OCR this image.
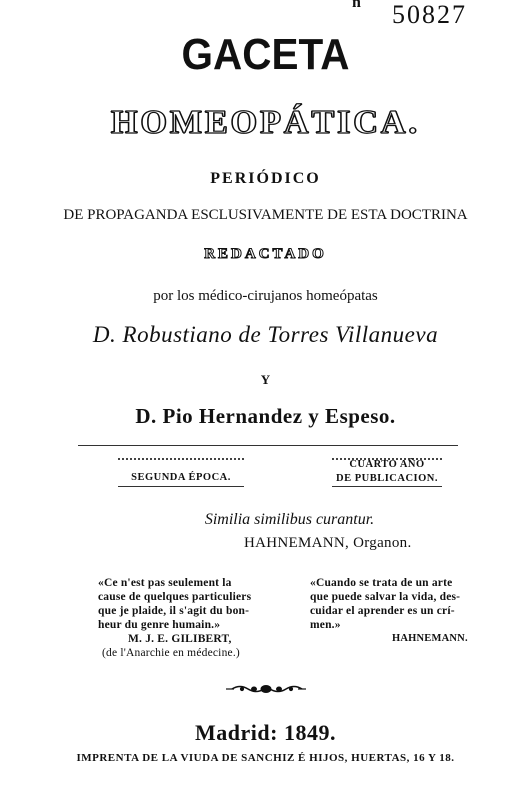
n 50827
GACETA
HOMEOPÁTICA.
PERIÓDICO
DE PROPAGANDA ESCLUSIVAMENTE DE ESTA DOCTRINA
REDACTADO
por los médico-cirujanos homeópatas
D. Robustiano de Torres Villanueva
Y
D. Pio Hernandez y Espeso.
SEGUNDA ÉPOCA.
CUARTO AÑO
DE PUBLICACION.
Similia similibus curantur.
HAHNEMANN, Organon.
«Ce n'est pas seulement la
cause de quelques particuliers
que je plaide, il s'agit du bon-
heur du genre humain.»
M. J. E. GILIBERT,
(de l'Anarchie en médecine.)
«Cuando se trata de un arte
que puede salvar la vida, des-
cuidar el aprender es un crí-
men.»
HAHNEMANN.
Madrid: 1849.
IMPRENTA DE LA VIUDA DE SANCHIZ É HIJOS, HUERTAS, 16 Y 18.
